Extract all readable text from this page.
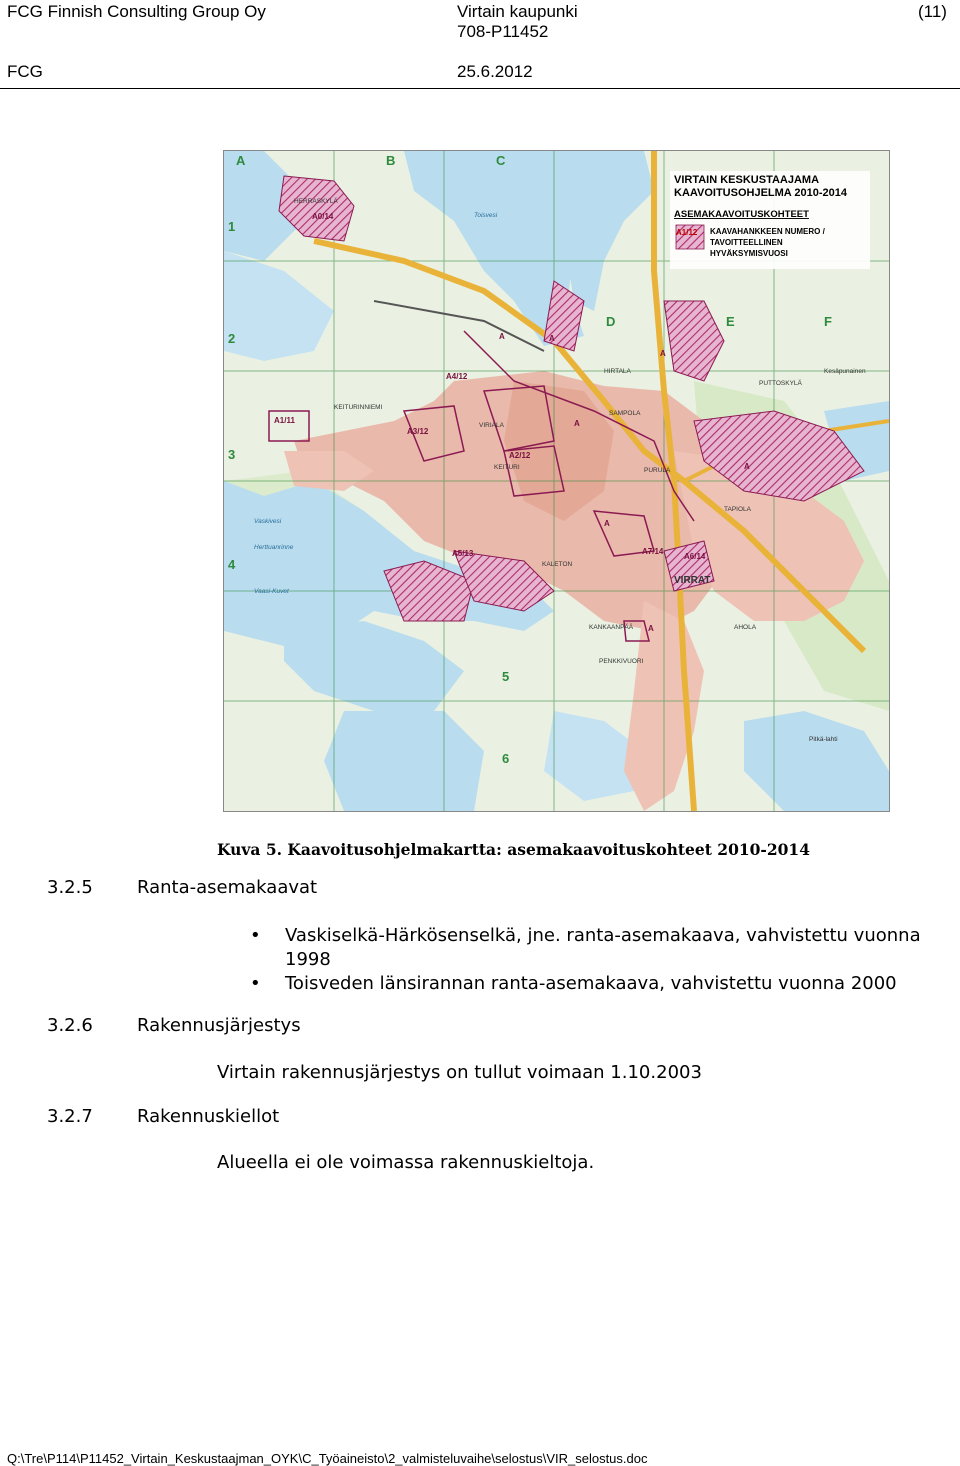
FCG Finnish Consulting Group Oy
FCG
Virtain kaupunki
708-P11452
25.6.2012
(11)
A	B	C
D	E	F
1
2
3
4
5
6
A0/14
A1/11
A3/12
A4/12
A2/12
A5/13	A6/14
A7/14
A	A
A
A
A
A
A
HERRASKYLÄ
Toisvesi
HIRTALA
KEITURINNIEMI
VIRIALA
KEITURI
SAMPOLA
PUTTOSKYLÄ
PURULA
TAPIOLA
KALETON
KANKAANPÄÄ
VIRRAT
PENKKIVUORI
Vaskivesi
Herttuanrinne
Vaasi-Kuvet
Kesäpunainen
AHOLA
Pitkä-lahti
VIRTAIN KESKUSTAAJAMA
KAAVOITUSOHJELMA 2010-2014
ASEMAKAAVOITUSKOHTEET
A1/12 KAAVAHANKKEEN NUMERO /
TAVOITTEELLINEN
HYVÄKSYMISVUOSI
Kuva 5. Kaavoitusohjelmakartta: asemakaavoituskohteet 2010-2014
3.2.5 Ranta-asemakaavat
• Vaskiselkä-Härkösenselkä, jne. ranta-asemakaava, vahvistettu vuonna 1998
• Toisveden länsirannan ranta-asemakaava, vahvistettu vuonna 2000
3.2.6 Rakennusjärjestys
Virtain rakennusjärjestys on tullut voimaan 1.10.2003
3.2.7 Rakennuskiellot
Alueella ei ole voimassa rakennuskieltoja.
Q:\Tre\P114\P11452_Virtain_Keskustaajman_OYK\C_Työaineisto\2_valmisteluvaihe\selostus\VIR_selostus.doc
